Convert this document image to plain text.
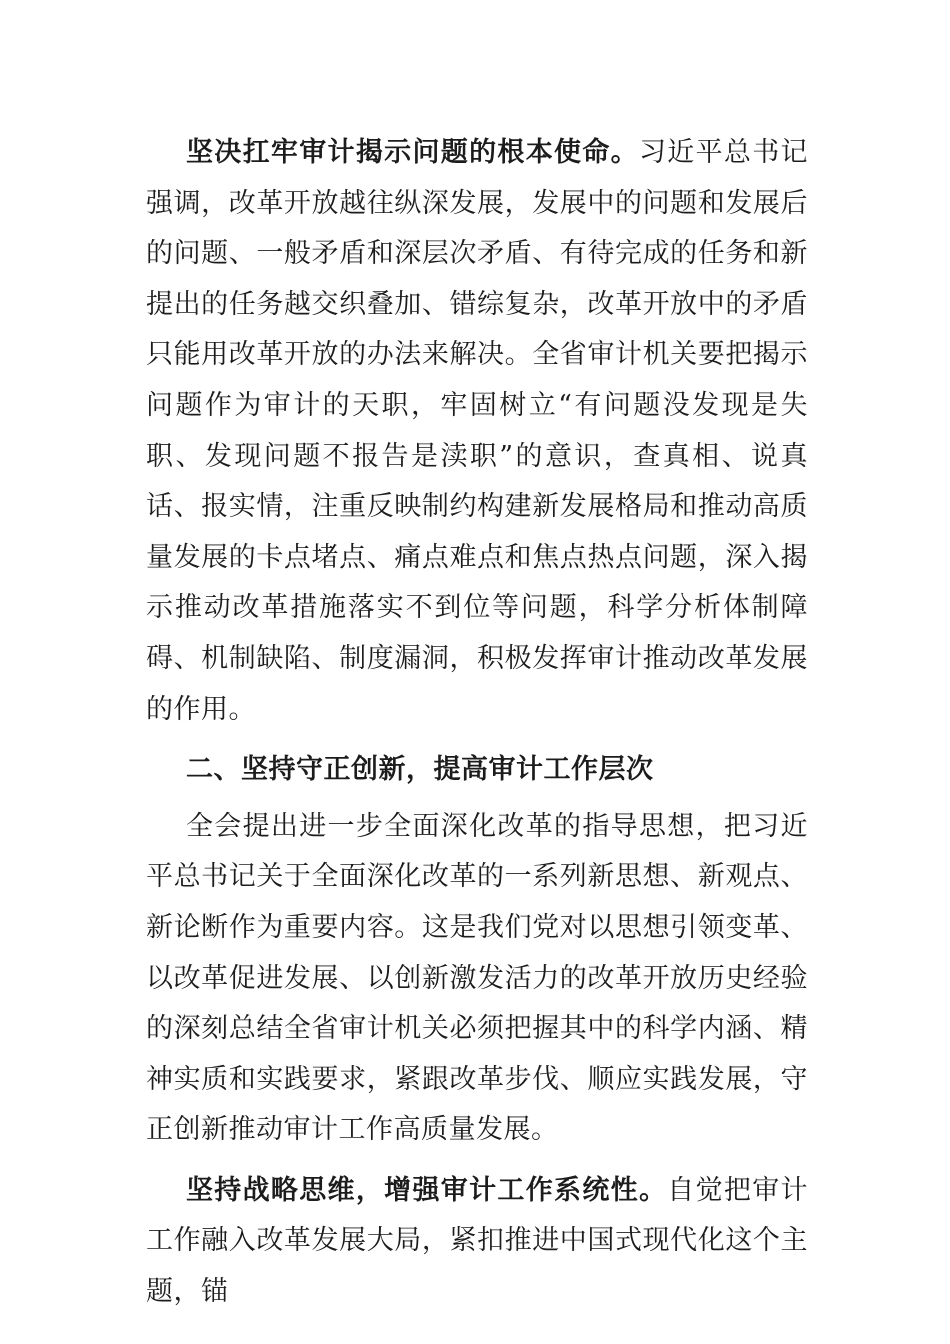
坚决扛牢审计揭示问题的根本使命。习近平总书记强调，改革开放越往纵深发展，发展中的问题和发展后的问题、一般矛盾和深层次矛盾、有待完成的任务和新提出的任务越交织叠加、错综复杂，改革开放中的矛盾只能用改革开放的办法来解决。全省审计机关要把揭示问题作为审计的天职，牢固树立“有问题没发现是失职、发现问题不报告是渎职”的意识，查真相、说真话、报实情，注重反映制约构建新发展格局和推动高质量发展的卡点堵点、痛点难点和焦点热点问题，深入揭示推动改革措施落实不到位等问题，科学分析体制障碍、机制缺陷、制度漏洞，积极发挥审计推动改革发展的作用。

二、坚持守正创新，提高审计工作层次

全会提出进一步全面深化改革的指导思想，把习近平总书记关于全面深化改革的一系列新思想、新观点、新论断作为重要内容。这是我们党对以思想引领变革、以改革促进发展、以创新激发活力的改革开放历史经验的深刻总结全省审计机关必须把握其中的科学内涵、精神实质和实践要求，紧跟改革步伐、顺应实践发展，守正创新推动审计工作高质量发展。

坚持战略思维，增强审计工作系统性。自觉把审计工作融入改革发展大局，紧扣推进中国式现代化这个主题，锚
